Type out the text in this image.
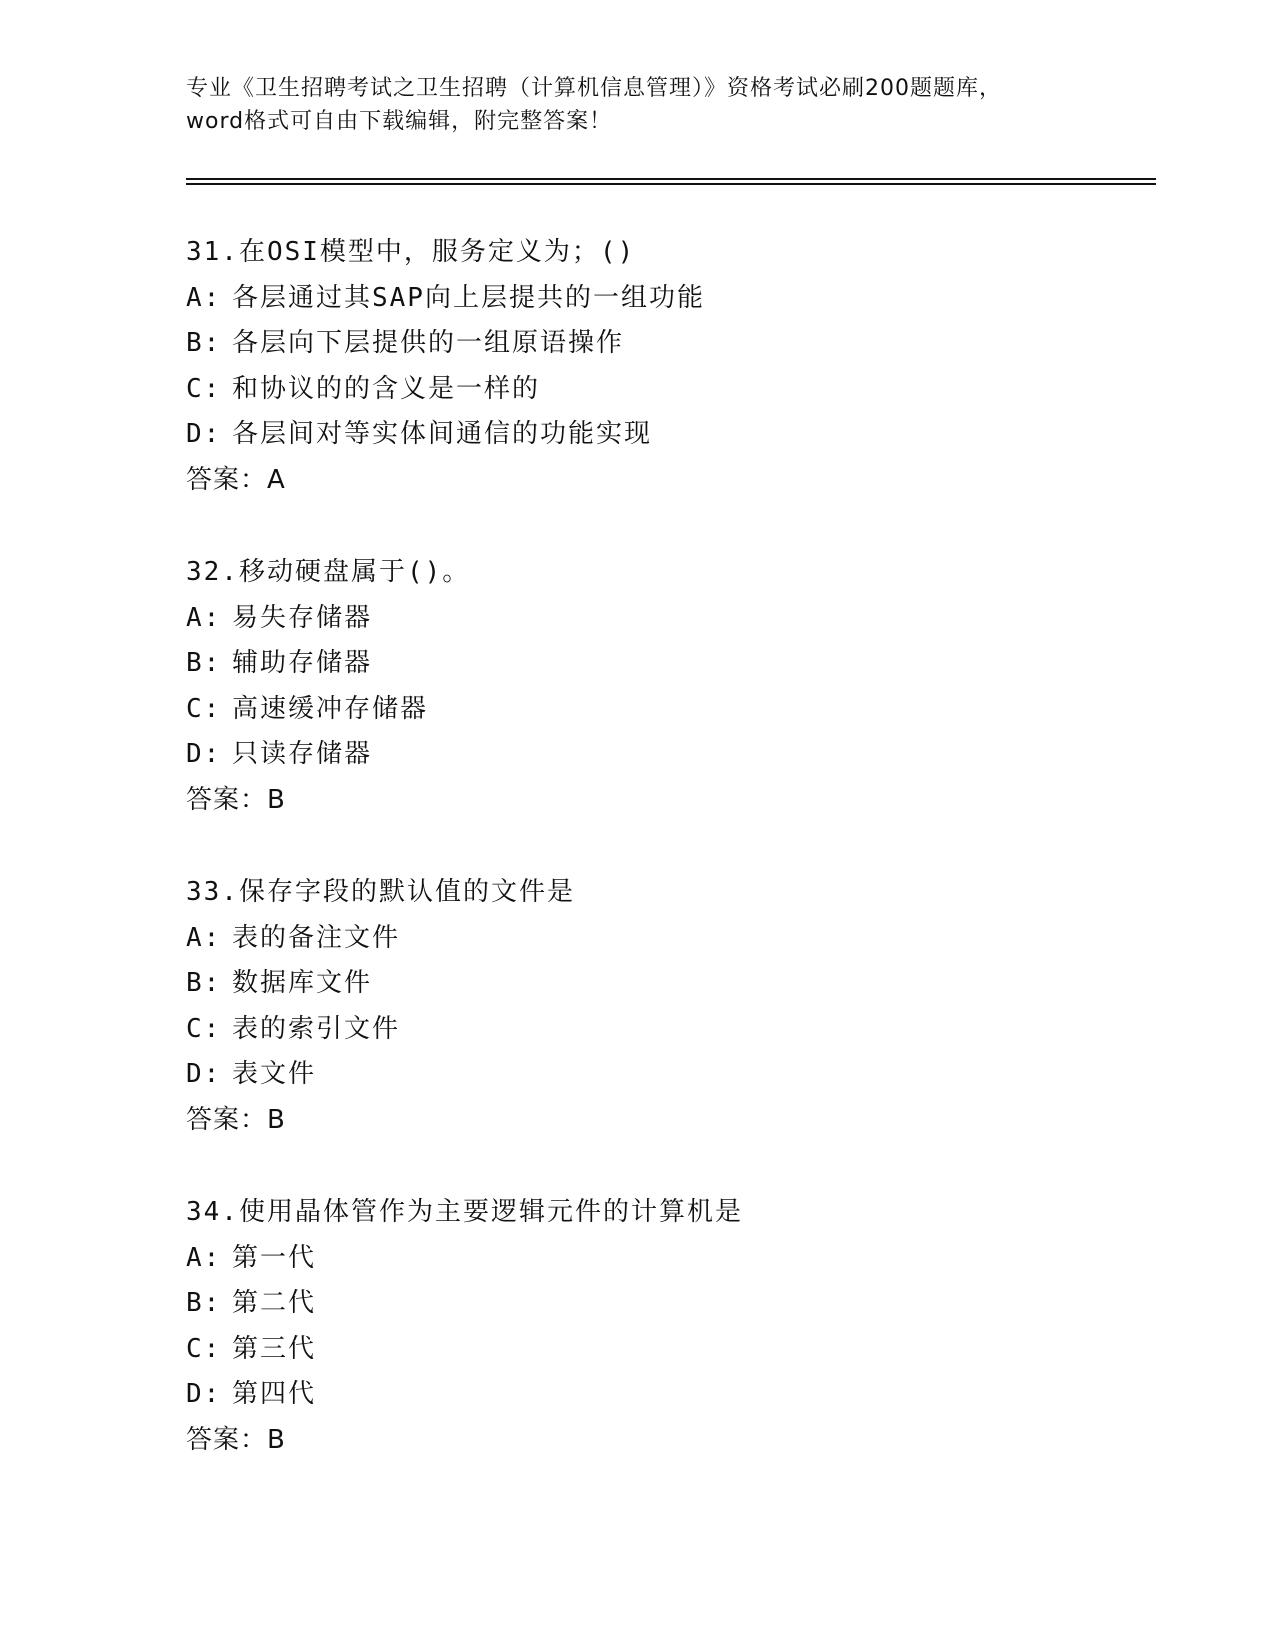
专业《卫生招聘考试之卫生招聘（计算机信息管理）》资格考试必刷200题题库，
word格式可自由下载编辑，附完整答案！
31.在OSI模型中，服务定义为；()
A: 各层通过其SAP向上层提共的一组功能
B: 各层向下层提供的一组原语操作
C: 和协议的的含义是一样的
D: 各层间对等实体间通信的功能实现
答案：A
32.移动硬盘属于()。
A: 易失存储器
B: 辅助存储器
C: 高速缓冲存储器
D: 只读存储器
答案：B
33.保存字段的默认值的文件是
A: 表的备注文件
B: 数据库文件
C: 表的索引文件
D: 表文件
答案：B
34.使用晶体管作为主要逻辑元件的计算机是
A: 第一代
B: 第二代
C: 第三代
D: 第四代
答案：B
